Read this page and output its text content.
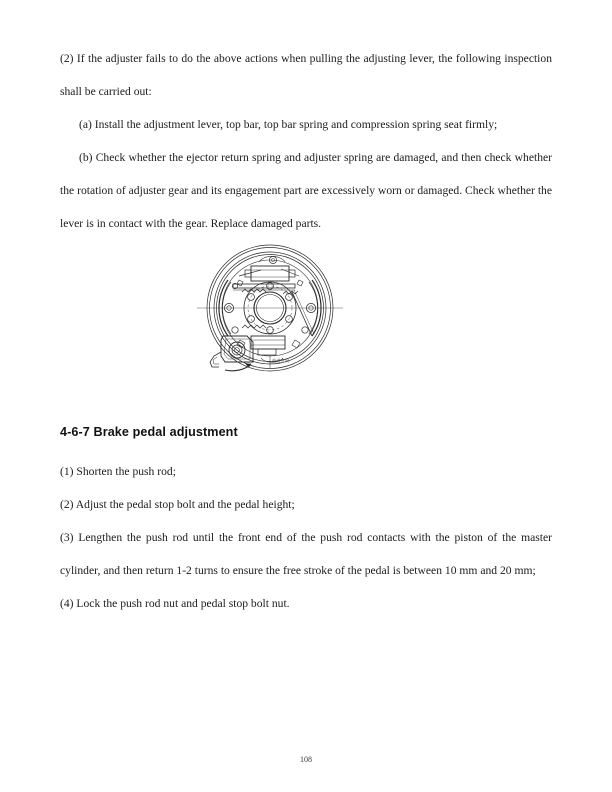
(2) If the adjuster fails to do the above actions when pulling the adjusting lever, the following inspection shall be carried out:

(a) Install the adjustment lever, top bar, top bar spring and compression spring seat firmly;

(b) Check whether the ejector return spring and adjuster spring are damaged, and then check whether the rotation of adjuster gear and its engagement part are excessively worn or damaged. Check whether the lever is in contact with the gear. Replace damaged parts.

前进方向
4-6-7 Brake pedal adjustment

(1) Shorten the push rod;

(2) Adjust the pedal stop bolt and the pedal height;

(3) Lengthen the push rod until the front end of the push rod contacts with the piston of the master cylinder, and then return 1-2 turns to ensure the free stroke of the pedal is between 10 mm and 20 mm;

(4) Lock the push rod nut and pedal stop bolt nut.

108
